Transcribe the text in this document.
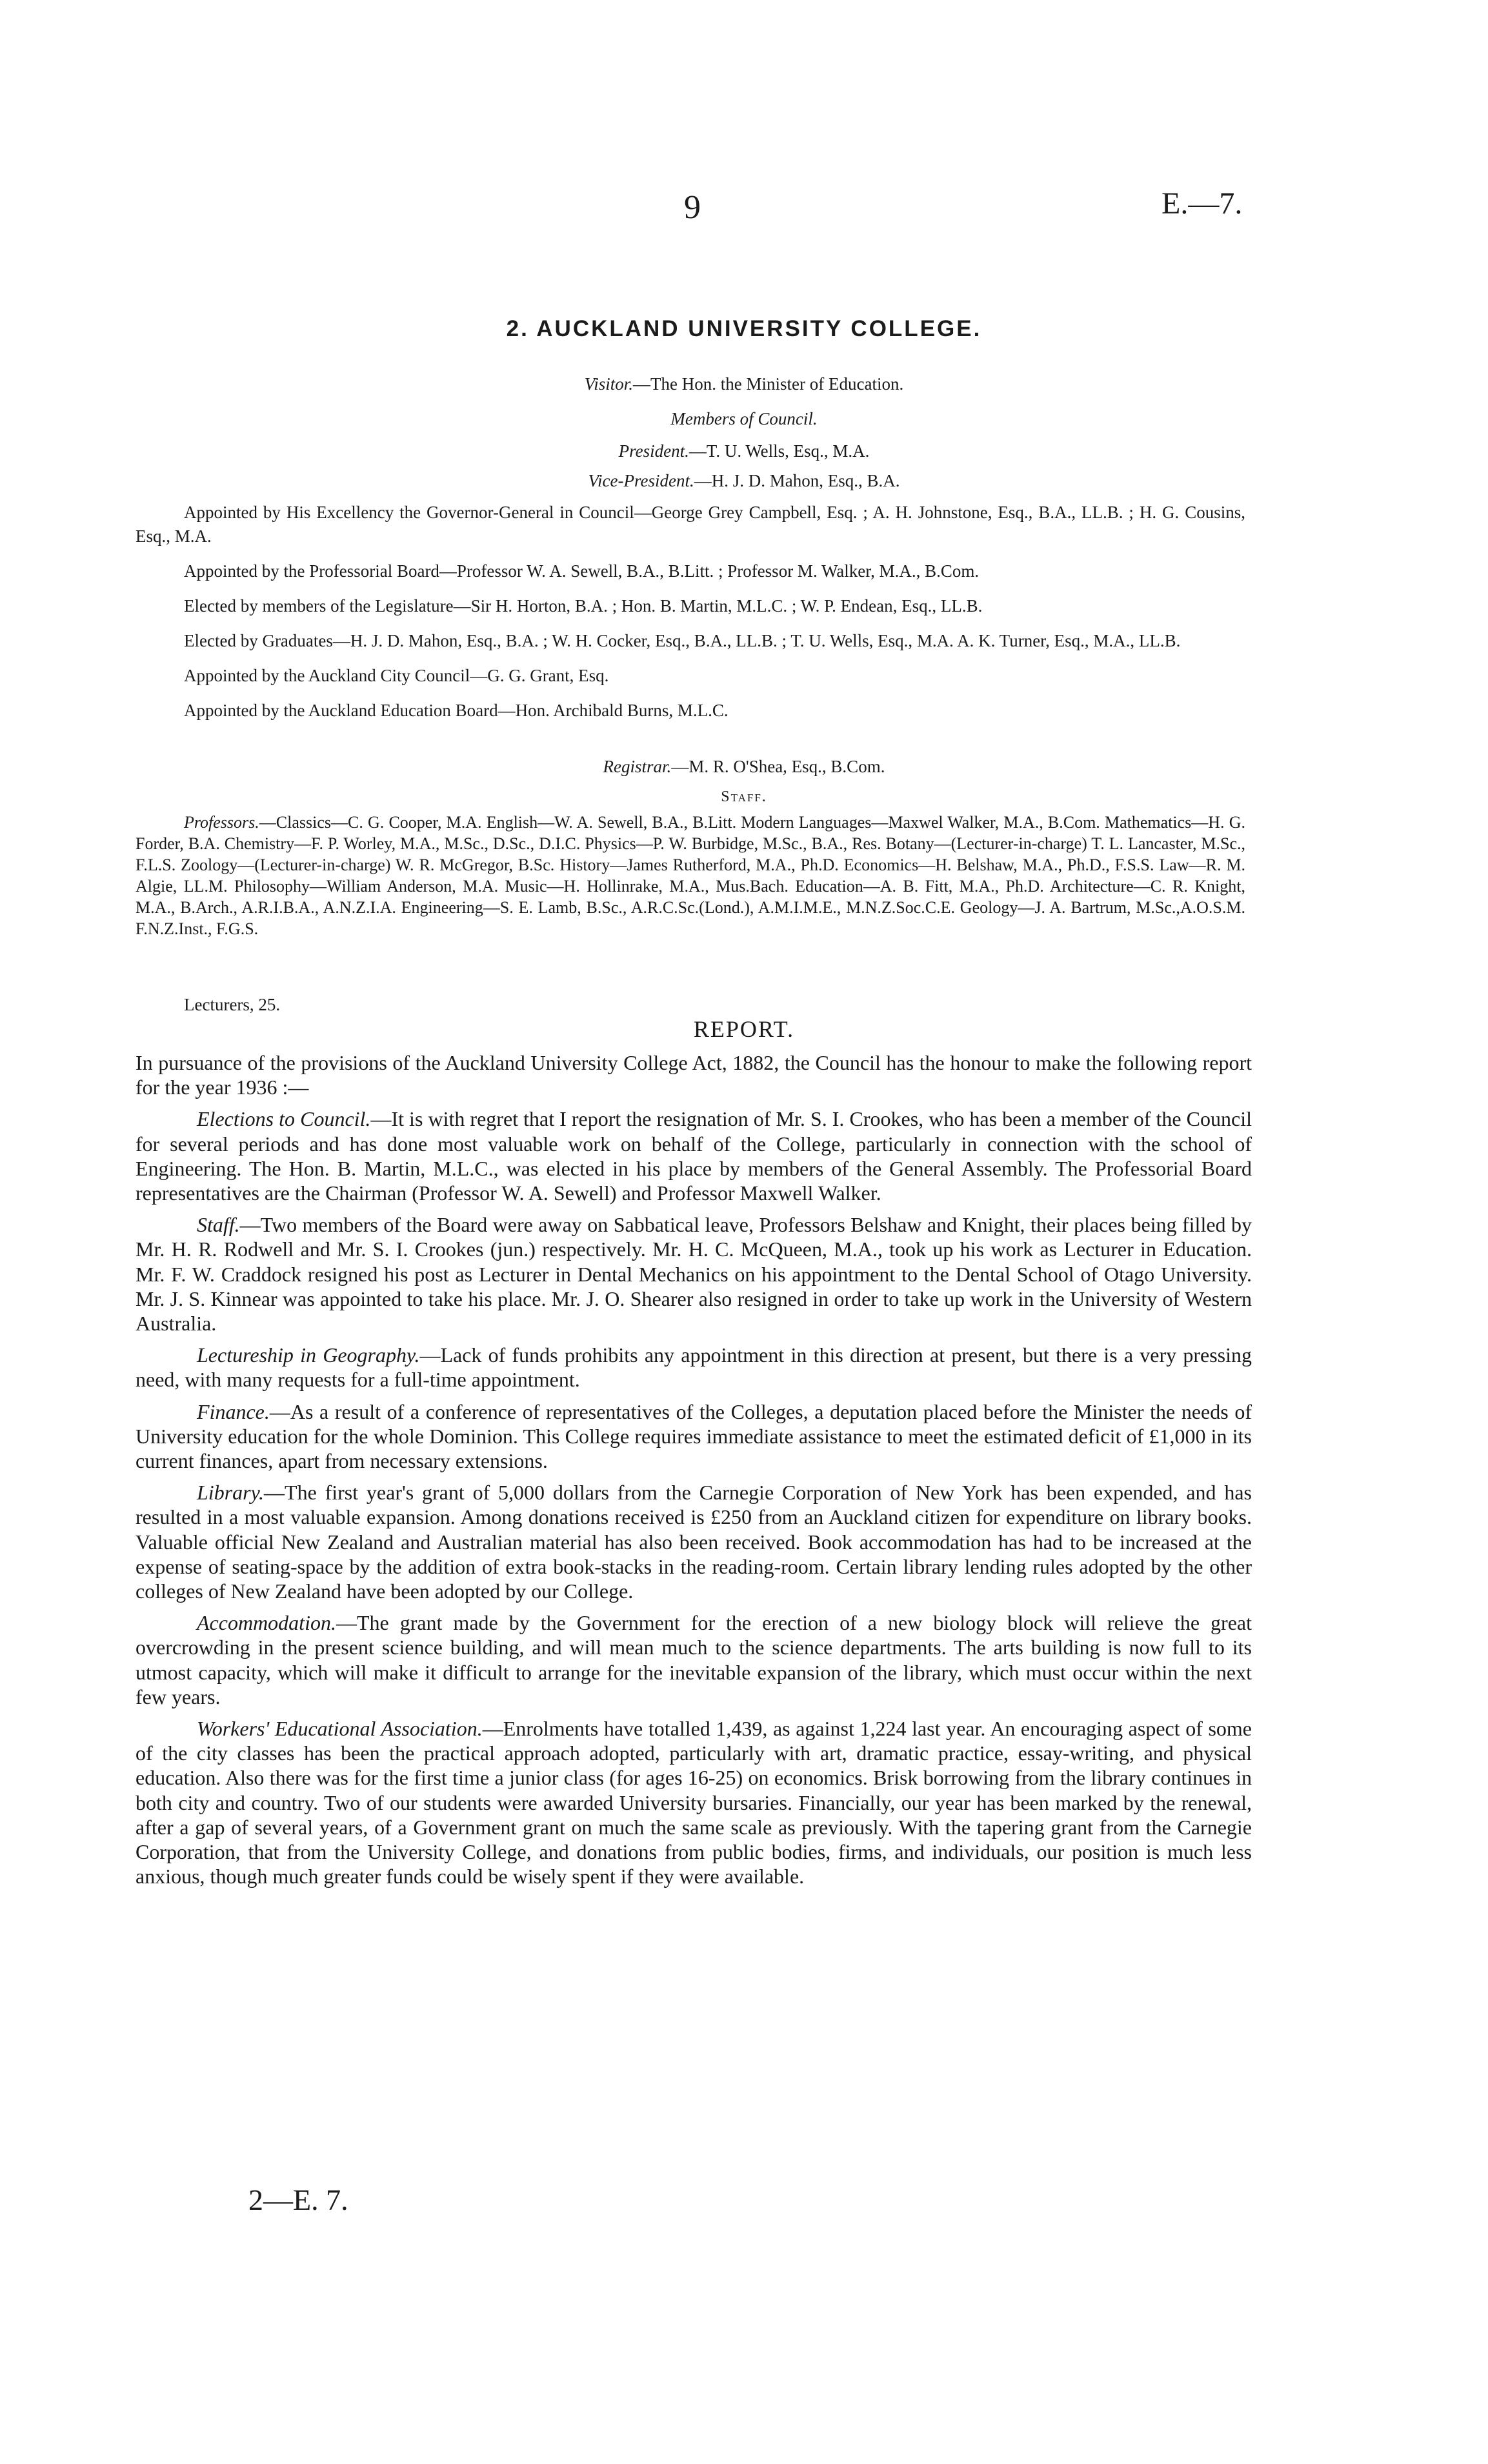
9	E.—7.
2. AUCKLAND UNIVERSITY COLLEGE.
Visitor.—The Hon. the Minister of Education.
Members of Council.
President.—T. U. Wells, Esq., M.A.
Vice-President.—H. J. D. Mahon, Esq., B.A.

Appointed by His Excellency the Governor-General in Council—George Grey Campbell, Esq. ; A. H. Johnstone, Esq., B.A., LL.B. ; H. G. Cousins, Esq., M.A.

Appointed by the Professorial Board—Professor W. A. Sewell, B.A., B.Litt. ; Professor M. Walker, M.A., B.Com.

Elected by members of the Legislature—Sir H. Horton, B.A. ; Hon. B. Martin, M.L.C. ; W. P. Endean, Esq., LL.B.

Elected by Graduates—H. J. D. Mahon, Esq., B.A. ; W. H. Cocker, Esq., B.A., LL.B. ; T. U. Wells, Esq., M.A. A. K. Turner, Esq., M.A., LL.B.

Appointed by the Auckland City Council—G. G. Grant, Esq.

Appointed by the Auckland Education Board—Hon. Archibald Burns, M.L.C.

Registrar.—M. R. O'Shea, Esq., B.Com.
Staff.

Professors.—Classics—C. G. Cooper, M.A. English—W. A. Sewell, B.A., B.Litt. Modern Languages—Maxwel Walker, M.A., B.Com. Mathematics—H. G. Forder, B.A. Chemistry—F. P. Worley, M.A., M.Sc., D.Sc., D.I.C. Physics—P. W. Burbidge, M.Sc., B.A., Res. Botany—(Lecturer-in-charge) T. L. Lancaster, M.Sc., F.L.S. Zoology—(Lecturer-in-charge) W. R. McGregor, B.Sc. History—James Rutherford, M.A., Ph.D. Economics—H. Belshaw, M.A., Ph.D., F.S.S. Law—R. M. Algie, LL.M. Philosophy—William Anderson, M.A. Music—H. Hollinrake, M.A., Mus.Bach. Education—A. B. Fitt, M.A., Ph.D. Architecture—C. R. Knight, M.A., B.Arch., A.R.I.B.A., A.N.Z.I.A. Engineering—S. E. Lamb, B.Sc., A.R.C.Sc.(Lond.), A.M.I.M.E., M.N.Z.Soc.C.E. Geology—J. A. Bartrum, M.Sc.,A.O.S.M. F.N.Z.Inst., F.G.S.

Lecturers, 25.
REPORT.

In pursuance of the provisions of the Auckland University College Act, 1882, the Council has the honour to make the following report for the year 1936 :—

Elections to Council.—It is with regret that I report the resignation of Mr. S. I. Crookes, who has been a member of the Council for several periods and has done most valuable work on behalf of the College, particularly in connection with the school of Engineering. The Hon. B. Martin, M.L.C., was elected in his place by members of the General Assembly. The Professorial Board representatives are the Chairman (Professor W. A. Sewell) and Professor Maxwell Walker.

Staff.—Two members of the Board were away on Sabbatical leave, Professors Belshaw and Knight, their places being filled by Mr. H. R. Rodwell and Mr. S. I. Crookes (jun.) respectively. Mr. H. C. McQueen, M.A., took up his work as Lecturer in Education. Mr. F. W. Craddock resigned his post as Lecturer in Dental Mechanics on his appointment to the Dental School of Otago University. Mr. J. S. Kinnear was appointed to take his place. Mr. J. O. Shearer also resigned in order to take up work in the University of Western Australia.

Lectureship in Geography.—Lack of funds prohibits any appointment in this direction at present, but there is a very pressing need, with many requests for a full-time appointment.

Finance.—As a result of a conference of representatives of the Colleges, a deputation placed before the Minister the needs of University education for the whole Dominion. This College requires immediate assistance to meet the estimated deficit of £1,000 in its current finances, apart from necessary extensions.

Library.—The first year's grant of 5,000 dollars from the Carnegie Corporation of New York has been expended, and has resulted in a most valuable expansion. Among donations received is £250 from an Auckland citizen for expenditure on library books. Valuable official New Zealand and Australian material has also been received. Book accommodation has had to be increased at the expense of seating-space by the addition of extra book-stacks in the reading-room. Certain library lending rules adopted by the other colleges of New Zealand have been adopted by our College.

Accommodation.—The grant made by the Government for the erection of a new biology block will relieve the great overcrowding in the present science building, and will mean much to the science departments. The arts building is now full to its utmost capacity, which will make it difficult to arrange for the inevitable expansion of the library, which must occur within the next few years.

Workers' Educational Association.—Enrolments have totalled 1,439, as against 1,224 last year. An encouraging aspect of some of the city classes has been the practical approach adopted, particularly with art, dramatic practice, essay-writing, and physical education. Also there was for the first time a junior class (for ages 16-25) on economics. Brisk borrowing from the library continues in both city and country. Two of our students were awarded University bursaries. Financially, our year has been marked by the renewal, after a gap of several years, of a Government grant on much the same scale as previously. With the tapering grant from the Carnegie Corporation, that from the University College, and donations from public bodies, firms, and individuals, our position is much less anxious, though much greater funds could be wisely spent if they were available.

2—E. 7.
